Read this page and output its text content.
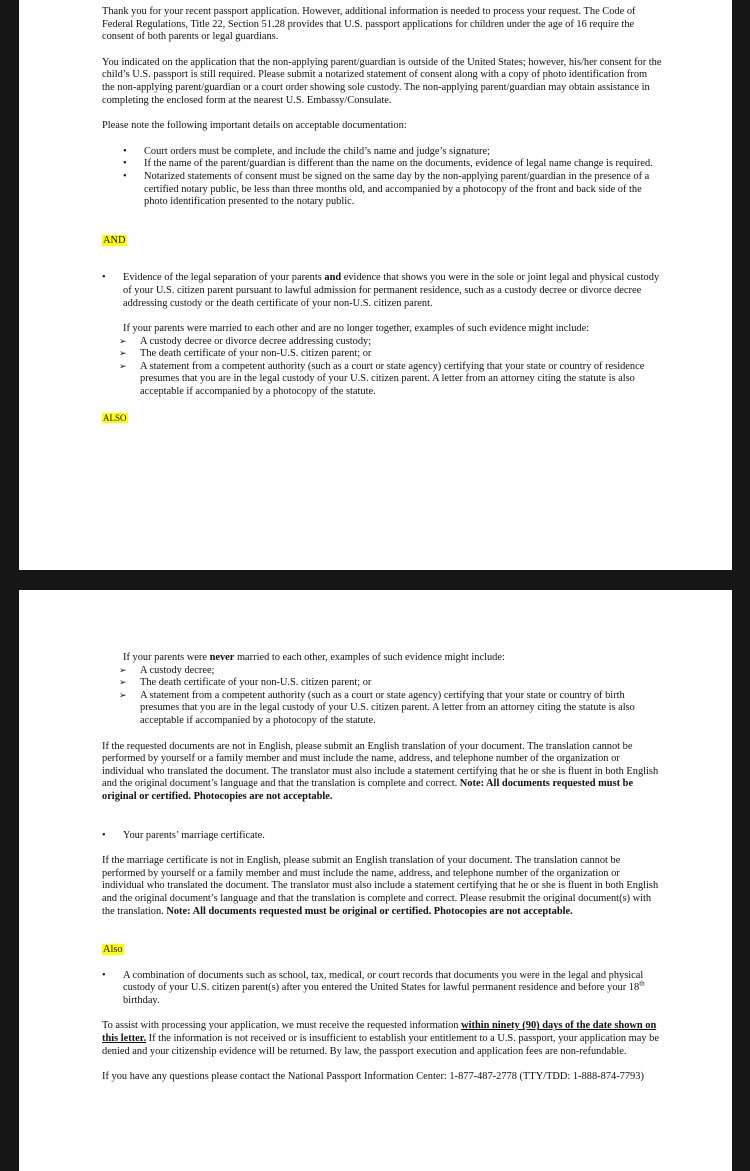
Thank you for your recent passport application. However, additional information is needed to process your request. The Code of Federal Regulations, Title 22, Section 51.28 provides that U.S. passport applications for children under the age of 16 require the consent of both parents or legal guardians.

You indicated on the application that the non-applying parent/guardian is outside of the United States; however, his/her consent for the child’s U.S. passport is still required. Please submit a notarized statement of consent along with a copy of photo identification from the non-applying parent/guardian or a court order showing sole custody. The non-applying parent/guardian may obtain assistance in completing the enclosed form at the nearest U.S. Embassy/Consulate.

Please note the following important details on acceptable documentation:

• Court orders must be complete, and include the child’s name and judge’s signature;
• If the name of the parent/guardian is different than the name on the documents, evidence of legal name change is required.
• Notarized statements of consent must be signed on the same day by the non-applying parent/guardian in the presence of a certified notary public, be less than three months old, and accompanied by a photocopy of the front and back side of the photo identification presented to the notary public.

AND

• Evidence of the legal separation of your parents and evidence that shows you were in the sole or joint legal and physical custody of your U.S. citizen parent pursuant to lawful admission for permanent residence, such as a custody decree or divorce decree addressing custody or the death certificate of your non-U.S. citizen parent.

If your parents were married to each other and are no longer together, examples of such evidence might include:

➢ A custody decree or divorce decree addressing custody;
➢ The death certificate of your non-U.S. citizen parent; or
➢ A statement from a competent authority (such as a court or state agency) certifying that your state or country of residence presumes that you are in the legal custody of your U.S. citizen parent. A letter from an attorney citing the statute is also acceptable if accompanied by a photocopy of the statute.

ALSO

If your parents were never married to each other, examples of such evidence might include:

➢ A custody decree;
➢ The death certificate of your non-U.S. citizen parent; or
➢ A statement from a competent authority (such as a court or state agency) certifying that your state or country of birth presumes that you are in the legal custody of your U.S. citizen parent. A letter from an attorney citing the statute is also acceptable if accompanied by a photocopy of the statute.

If the requested documents are not in English, please submit an English translation of your document. The translation cannot be performed by yourself or a family member and must include the name, address, and telephone number of the organization or individual who translated the document. The translator must also include a statement certifying that he or she is fluent in both English and the original document’s language and that the translation is complete and correct. Note: All documents requested must be original or certified. Photocopies are not acceptable.

• Your parents’ marriage certificate.

If the marriage certificate is not in English, please submit an English translation of your document. The translation cannot be performed by yourself or a family member and must include the name, address, and telephone number of the organization or individual who translated the document. The translator must also include a statement certifying that he or she is fluent in both English and the original document’s language and that the translation is complete and correct. Please resubmit the original document(s) with the translation. Note: All documents requested must be original or certified. Photocopies are not acceptable.

Also

• A combination of documents such as school, tax, medical, or court records that documents you were in the legal and physical custody of your U.S. citizen parent(s) after you entered the United States for lawful permanent residence and before your 18th birthday.

To assist with processing your application, we must receive the requested information within ninety (90) days of the date shown on this letter. If the information is not received or is insufficient to establish your entitlement to a U.S. passport, your application may be denied and your citizenship evidence will be returned. By law, the passport execution and application fees are non-refundable.

If you have any questions please contact the National Passport Information Center: 1-877-487-2778 (TTY/TDD: 1-888-874-7793)
